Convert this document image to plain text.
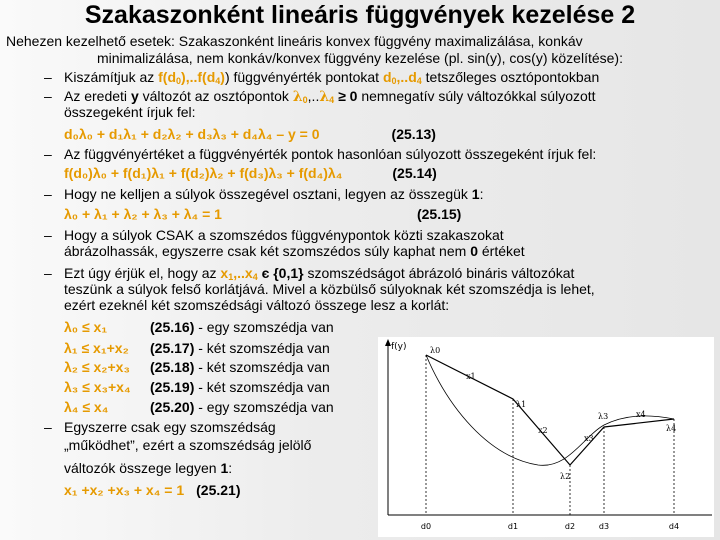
Szakaszonként lineáris függvények kezelése 2

Nehezen kezelhető esetek: Szakaszonként lineáris konvex függvény maximalizálása, konkáv
minimalizálása, nem konkáv/konvex függvény kezelése (pl. sin(y), cos(y) közelítése):

– Kiszámítjuk az $f(d_0),..f(d_4)$) függvényérték pontokat $d_0,..d_4$ tetszőleges osztópontokban
– Az eredeti y változót az osztópontok $\lambda_0,..\lambda_4 \ge 0$ nemnegatív súly változókkal súlyozott
összegeként írjuk fel:
d₀λ₀ + d₁λ₁ + d₂λ₂ + d₃λ₃ + d₄λ₄ – y = 0	(25.13)
– Az függvényértéket a függvényérték pontok hasonlóan súlyozott összegeként írjuk fel:
f(d₀)λ₀ + f(d₁)λ₁ + f(d₂)λ₂ + f(d₃)λ₃ + f(d₄)λ₄	(25.14)
– Hogy ne kelljen a súlyok összegével osztani, legyen az összegük 1:
λ₀ + λ₁ + λ₂ + λ₃ + λ₄ = 1	(25.15)
– Hogy a súlyok CSAK a szomszédos függvénypontok közti szakaszokat
ábrázolhassák, egyszerre csak két szomszédos súly kaphat nem 0 értéket
– Ezt úgy érjük el, hogy az $x_1,..x_4$ є {0,1} szomszédságot ábrázoló bináris változókat
teszünk a súlyok felső korlátjává. Mivel a közbülső súlyoknak két szomszédja is lehet,
ezért ezeknél két szomszédsági változó összege lesz a korlát:
λ₀ ≤ x₁	(25.16) - egy szomszédja van
λ₁ ≤ x₁+x₂ (25.17) - két szomszédja van
λ₂ ≤ x₂+x₃ (25.18) - két szomszédja van
λ₃ ≤ x₃+x₄ (25.19) - két szomszédja van
λ₄ ≤ x₄	(25.20) - egy szomszédja van
– Egyszerre csak egy szomszédság
„működhet”, ezért a szomszédság jelölő
változók összege legyen 1:
x₁ +x₂ +x₃ + x₄ = 1 (25.21)
f(y)	λ0
λ1
λ2
λ3
λ4
x1
x2
x3
x4
d0	d1	d2	d3	d4
